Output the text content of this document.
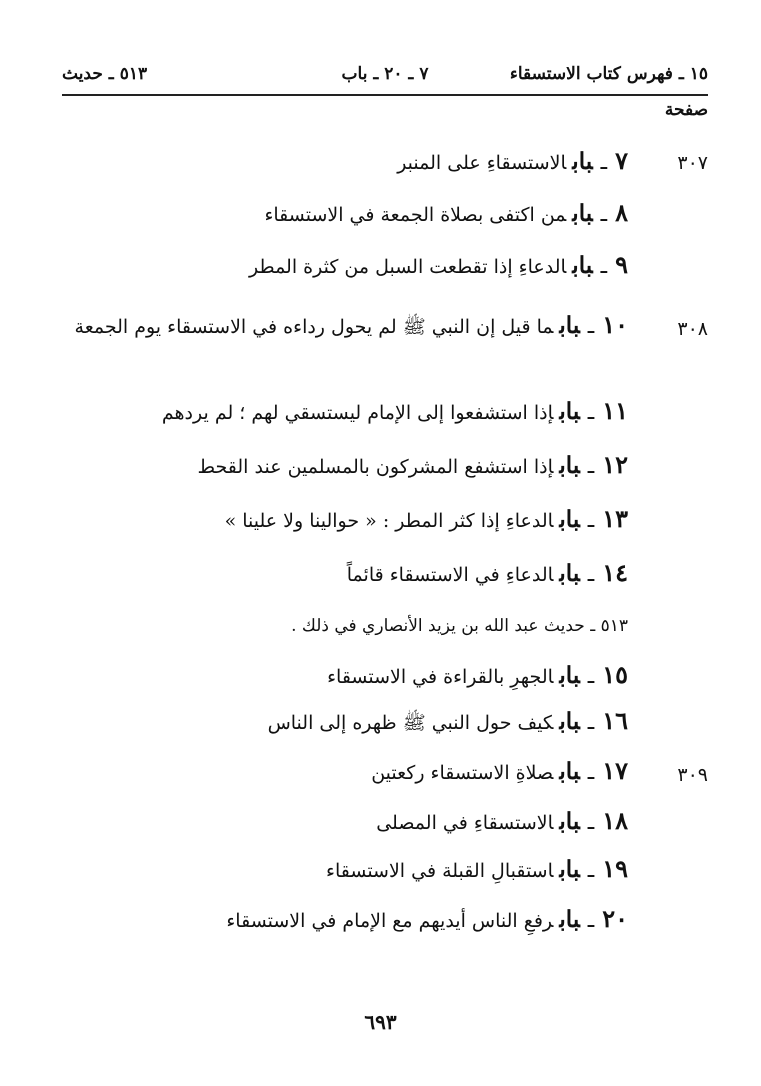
١٥ ـ فهرس كتاب الاستسقاء
٧ ـ ٢٠ ـ باب
٥١٣ ـ حديث
صفحة
٣٠٧
٧ـبابالاستسقاءِ على المنبر
٨ـبابمن اكتفى بصلاة الجمعة في الاستسقاء
٩ـبابالدعاءِ إذا تقطعت السبل من كثرة المطر
٣٠٨
١٠ـبابما قيل إن النبي ﷺ لم يحول رداءه في الاستسقاء يوم الجمعة
١١ـبابإذا استشفعوا إلى الإمام ليستسقي لهم ؛ لم يردهم
١٢ـبابإذا استشفع المشركون بالمسلمين عند القحط
١٣ـبابالدعاءِ إذا كثر المطر : « حوالينا ولا علينا »
١٤ـبابالدعاءِ في الاستسقاء قائماً
٥١٣ ـ حديث عبد الله بن يزيد الأنصاري في ذلك .
١٥ـبابالجهرِ بالقراءة في الاستسقاء
١٦ـبابكيف حول النبي ﷺ ظهره إلى الناس
٣٠٩
١٧ـبابصلاةِ الاستسقاء ركعتين
١٨ـبابالاستسقاءِ في المصلى
١٩ـباباستقبالِ القبلة في الاستسقاء
٢٠ـبابرفعِ الناس أيديهم مع الإمام في الاستسقاء
٦٩٣
